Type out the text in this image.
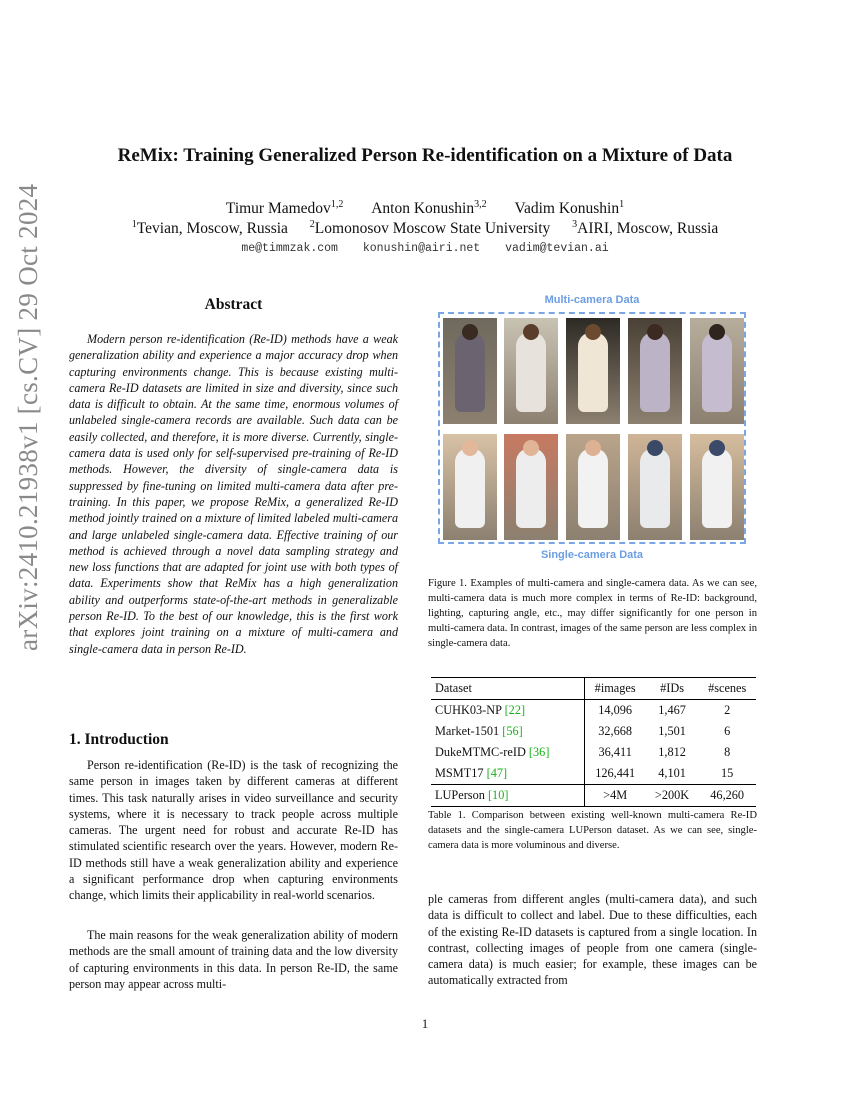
ReMix: Training Generalized Person Re-identification on a Mixture of Data
Timur Mamedov$^{1,2}$ Anton Konushin$^{3,2}$ Vadim Konushin$^1$
$^1$Tevian, Moscow, Russia $^2$Lomonosov Moscow State University $^3$AIRI, Moscow, Russia
me@timmzak.com konushin@airi.net vadim@tevian.ai
arXiv:2410.21938v1 [cs.CV] 29 Oct 2024	Abstract

Modern person re-identification (Re-ID) methods have a weak generalization ability and experience a major accuracy drop when capturing environments change. This is because existing multi-camera Re-ID datasets are limited in size and diversity, since such data is difficult to obtain. At the same time, enormous volumes of unlabeled single-camera records are available. Such data can be easily collected, and therefore, it is more diverse. Currently, single-camera data is used only for self-supervised pre-training of Re-ID methods. However, the diversity of single-camera data is suppressed by fine-tuning on limited multi-camera data after pre-training. In this paper, we propose ReMix, a generalized Re-ID method jointly trained on a mixture of limited labeled multi-camera and large unlabeled single-camera data. Effective training of our method is achieved through a novel data sampling strategy and new loss functions that are adapted for joint use with both types of data. Experiments show that ReMix has a high generalization ability and outperforms state-of-the-art methods in generalizable person Re-ID. To the best of our knowledge, this is the first work that explores joint training on a mixture of multi-camera and single-camera data in person Re-ID.

1. Introduction

Person re-identification (Re-ID) is the task of recognizing the same person in images taken by different cameras at different times. This task naturally arises in video surveillance and security systems, where it is necessary to track people across multiple cameras. The urgent need for robust and accurate Re-ID has stimulated scientific research over the years. However, modern Re-ID methods still have a weak generalization ability and experience a significant performance drop when capturing environments change, which limits their applicability in real-world scenarios.

The main reasons for the weak generalization ability of modern methods are the small amount of training data and the low diversity of capturing environments in this data. In person Re-ID, the same person may appear across multi-

Multi-camera Data
Single-camera Data

Figure 1. Examples of multi-camera and single-camera data. As we can see, multi-camera data is much more complex in terms of Re-ID: background, lighting, capturing angle, etc., may differ significantly for one person in multi-camera data. In contrast, images of the same person are less complex in single-camera data.

Dataset	#images	#IDs	#scenes
CUHK03-NP [22]	14,096	1,467	2
Market-1501 [56]	32,668	1,501	6
DukeMTMC-reID [36]	36,411	1,812	8
MSMT17 [47]	126,441	4,101	15
LUPerson [10]	>4M	>200K	46,260

Table 1. Comparison between existing well-known multi-camera Re-ID datasets and the single-camera LUPerson dataset. As we can see, single-camera data is more voluminous and diverse.

ple cameras from different angles (multi-camera data), and such data is difficult to collect and label. Due to these difficulties, each of the existing Re-ID datasets is captured from a single location. In contrast, collecting images of people from one camera (single-camera data) is much easier; for example, these images can be automatically extracted from

1
